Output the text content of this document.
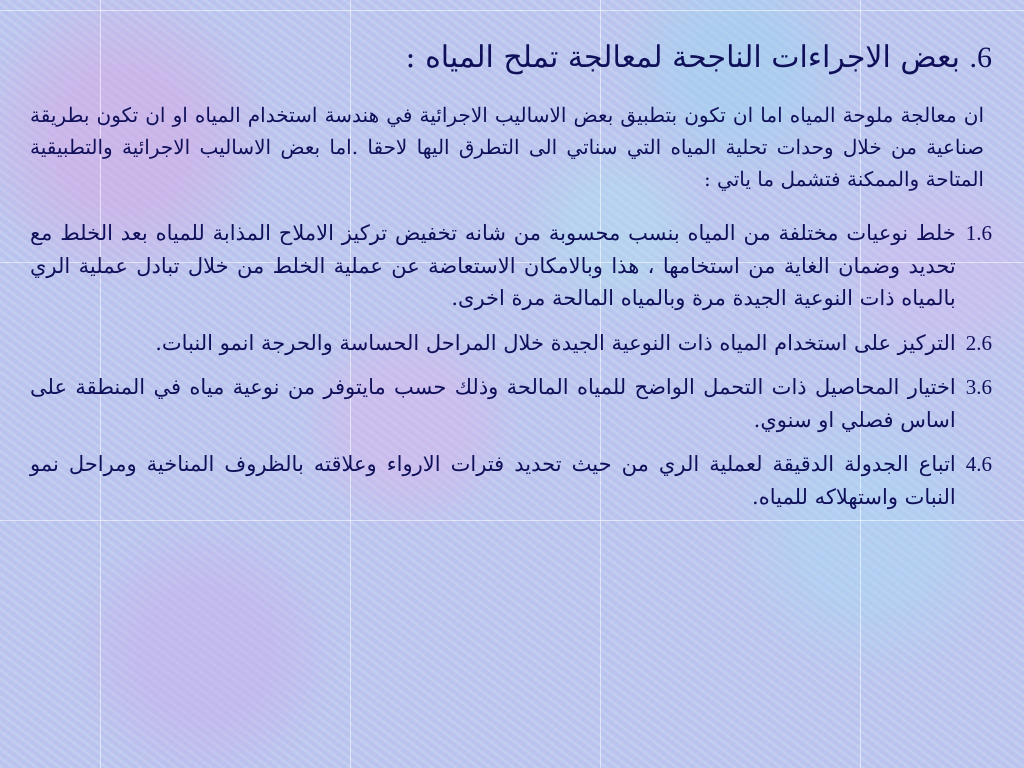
6. بعض الاجراءات الناجحة لمعالجة تملح المياه :
ان معالجة ملوحة المياه اما ان تكون بتطبيق بعض الاساليب الاجرائية في هندسة استخدام المياه او ان تكون بطريقة صناعية من خلال وحدات تحلية المياه التي سناتي الى التطرق اليها لاحقا .اما بعض الاساليب الاجرائية والتطبيقية المتاحة والممكنة فتشمل ما ياتي :
1.6
خلط نوعيات مختلفة من المياه بنسب محسوبة من شانه تخفيض تركيز الاملاح المذابة للمياه بعد الخلط مع تحديد وضمان الغاية من استخامها ، هذا وبالامكان الاستعاضة عن عملية الخلط من خلال تبادل عملية الري بالمياه ذات النوعية الجيدة مرة وبالمياه المالحة مرة اخرى.
2.6
التركيز على استخدام المياه ذات النوعية الجيدة خلال المراحل الحساسة والحرجة انمو النبات.
3.6
اختيار المحاصيل ذات التحمل الواضح للمياه المالحة وذلك حسب مايتوفر من نوعية مياه في المنطقة على اساس فصلي او سنوي.
4.6
اتباع الجدولة الدقيقة لعملية الري من حيث تحديد فترات الارواء وعلاقته بالظروف المناخية ومراحل نمو النبات واستهلاكه للمياه.
